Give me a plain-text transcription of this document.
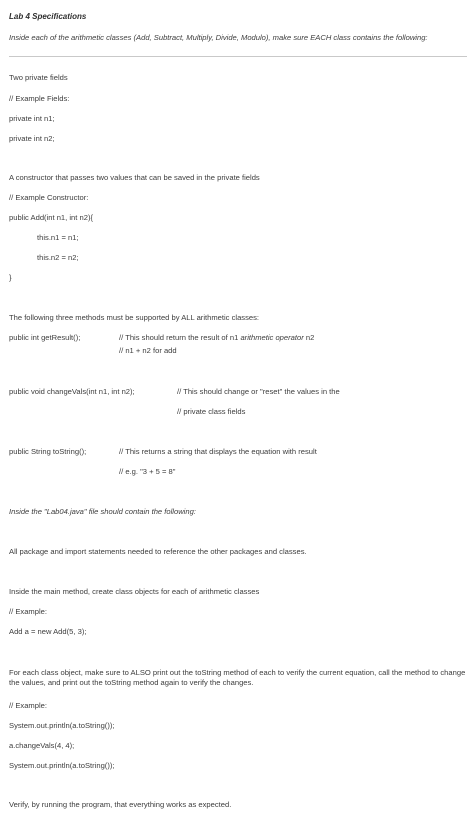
Lab 4 Specifications
Inside each of the arithmetic classes (Add, Subtract, Multiply, Divide, Modulo), make sure EACH class contains the following:
Two private fields
// Example Fields:
private int n1;
private int n2;
A constructor that passes two values that can be saved in the private fields
// Example Constructor:
public Add(int n1, int n2){
this.n1 = n1;
this.n2 = n2;
}
The following three methods must be supported by ALL arithmetic classes:
public int getResult();	// This should return the result of n1 arithmetic operator n2
// n1 + n2 for add
public void changeVals(int n1, int n2);	// This should change or "reset" the values in the
// private class fields
public String toString();	// This returns a string that displays the equation with result
// e.g. "3 + 5 = 8"
Inside the "Lab04.java" file should contain the following:
All package and import statements needed to reference the other packages and classes.
Inside the main method, create class objects for each of arithmetic classes
// Example:
Add a = new Add(5, 3);
For each class object, make sure to ALSO print out the toString method of each to verify the current equation, call the method to change the values, and print out the toString method again to verify the changes.
// Example:
System.out.println(a.toString());
a.changeVals(4, 4);
System.out.println(a.toString());
Verify, by running the program, that everything works as expected.
